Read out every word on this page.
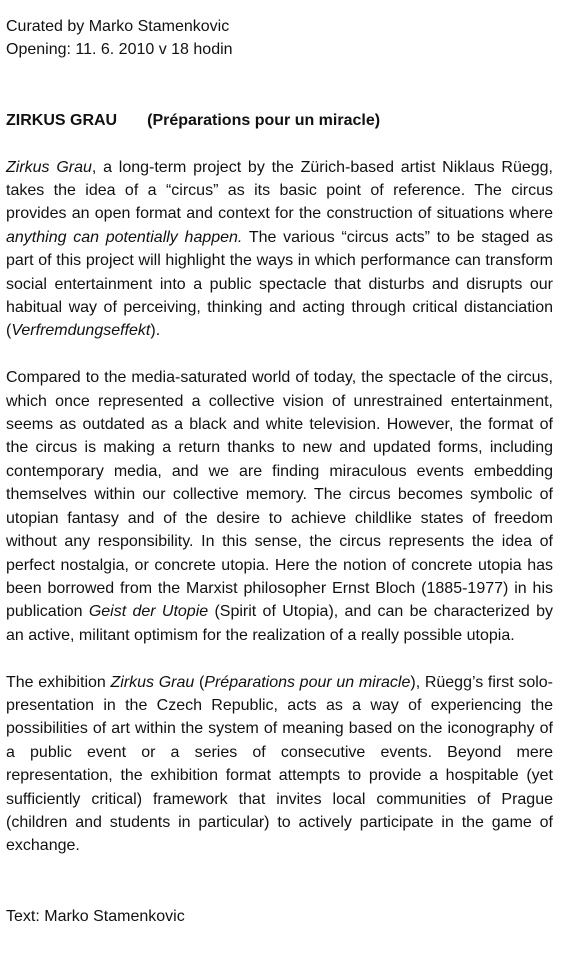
Curated by Marko Stamenkovic
Opening: 11. 6. 2010 v 18 hodin
ZIRKUS GRAU (Préparations pour un miracle)

Zirkus Grau, a long-term project by the Zürich-based artist Niklaus Rüegg, takes the idea of a “circus” as its basic point of reference. The circus provides an open format and context for the construction of situations where anything can potentially happen. The various “circus acts” to be staged as part of this project will highlight the ways in which performance can transform social entertainment into a public spectacle that disturbs and disrupts our habitual way of perceiving, thinking and acting through critical distanciation (Verfremdungseffekt).

Compared to the media-saturated world of today, the spectacle of the circus, which once represented a collective vision of unrestrained entertainment, seems as outdated as a black and white television. However, the format of the circus is making a return thanks to new and updated forms, including contemporary media, and we are finding miraculous events embedding themselves within our collective memory. The circus becomes symbolic of utopian fantasy and of the desire to achieve childlike states of freedom without any responsibility. In this sense, the circus represents the idea of perfect nostalgia, or concrete utopia. Here the notion of concrete utopia has been borrowed from the Marxist philosopher Ernst Bloch (1885-1977) in his publication Geist der Utopie (Spirit of Utopia), and can be characterized by an active, militant optimism for the realization of a really possible utopia.

The exhibition Zirkus Grau (Préparations pour un miracle), Rüegg’s first solo-presentation in the Czech Republic, acts as a way of experiencing the possibilities of art within the system of meaning based on the iconography of a public event or a series of consecutive events. Beyond mere representation, the exhibition format attempts to provide a hospitable (yet sufficiently critical) framework that invites local communities of Prague (children and students in particular) to actively participate in the game of exchange.

Text: Marko Stamenkovic
